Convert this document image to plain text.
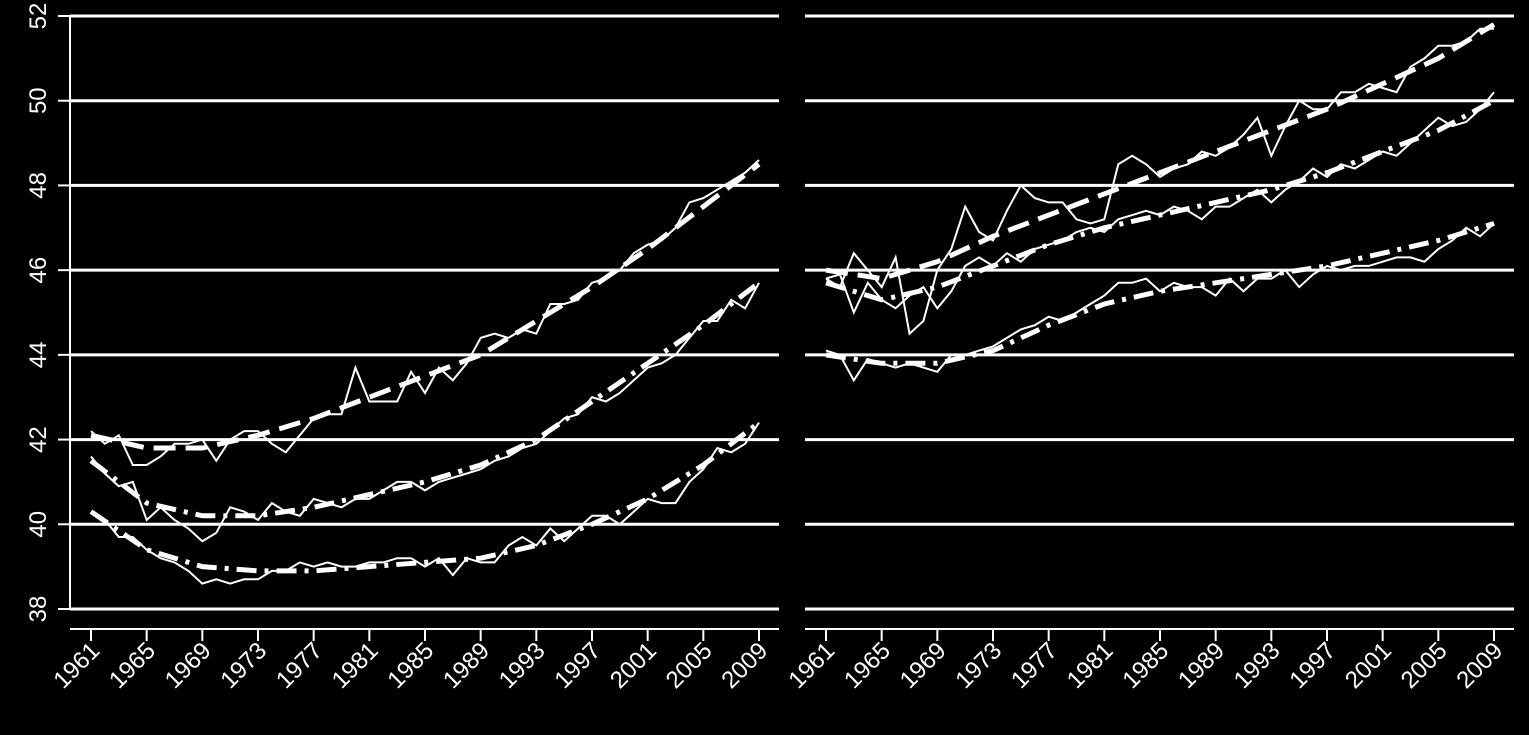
1961
1965
1969
1973
1977
1981
1985
1989
1993
1997
2001
2005
2009 1961
1965
1969
1973
1977
1981
1985
1989
1993
1997
2001
2005
2009
38
40
42
44
46
48
50
52
